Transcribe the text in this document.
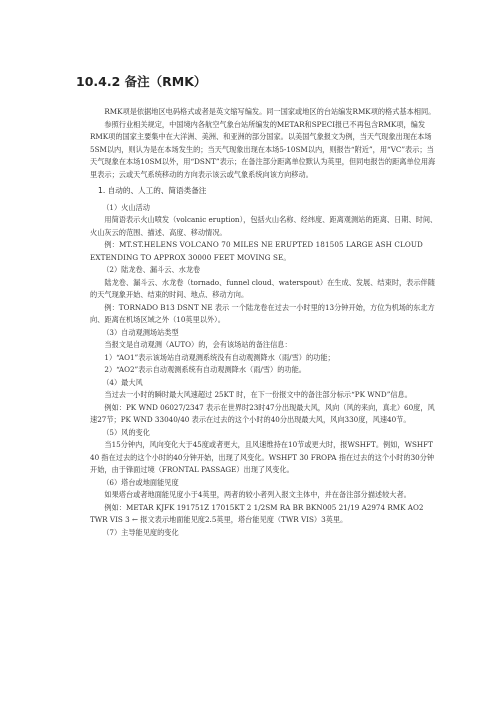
10.4.2 备注（RMK）

RMK项是依据地区电码格式或者是英文缩写编发。同一国家或地区的台站编发RMK项的格式基本相同。

参照行业相关规定，中国境内各航空气象台站所编发的METAR和SPECI报已不再包含RMK项，编发RMK项的国家主要集中在大洋洲、美洲、和亚洲的部分国家。以美国气象报文为例，当天气现象出现在本场5SM以内，则认为是在本场发生的；当天气现象出现在本场5-10SM以内，则报告“附近”，用“VC”表示；当天气现象在本场10SM以外，用“DSNT”表示；在备注部分距离单位默认为英里，但同电报告的距离单位用海里表示；云或天气系统移动的方向表示该云或气象系统向该方向移动。

1. 自动的、人工的、简语类备注

（1）火山活动

用简语表示火山喷发（volcanic eruption），包括火山名称、经纬度、距离观测站的距离、日期、时间、火山灰云的范围、描述、高度、移动情况。

例：MT.ST.HELENS VOLCANO 70 MILES NE ERUPTED 181505 LARGE ASH CLOUD EXTENDING TO APPROX 30000 FEET MOVING SE。

（2）陆龙卷、漏斗云、水龙卷

陆龙卷、漏斗云、水龙卷（tornado、funnel cloud、waterspout）在生成、发展、结束时，表示伴随的天气现象开始、结束的时间、地点、移动方向。

例：TORNADO B13 DSNT NE 表示 一个陆龙卷在过去一小时里的13分钟开始，方位为机场的东北方向、距离在机场区域之外（10英里以外）。

（3）自动观测场站类型

当报文是自动观测（AUTO）的，会有该场站的备注信息：

1）“AO1”表示该场站自动观测系统没有自动观测降水（雨/雪）的功能；

2）“AO2”表示自动观测系统有自动观测降水（雨/雪）的功能。

（4）最大风

当过去一小时的瞬时最大风速超过 25KT 时，在下一份报文中的备注部分标示“PK WND”信息。

例如：PK WND 06027/2347 表示在世界时23时47分出现最大风，风向（风的来向，真北）60度，风速27节；PK WND 33040/40 表示在过去的这个小时的40分出现最大风，风向330度，风速40节。

（5）风的变化

当15分钟内，风向变化大于45度或者更大，且风速维持在10节或更大时，报WSHFT。例如，WSHFT 40 指在过去的这个小时的40分钟开始，出现了风变化。WSHFT 30 FROPA 指在过去的这个小时的30分钟开始，由于锋面过境（FRONTAL PASSAGE）出现了风变化。

（6）塔台或地面能见度

如果塔台或者地面能见度小于4英里，两者的较小者列入报文主体中，并在备注部分描述较大者。

例如：METAR KJFK 191751Z 17015KT 2 1/2SM RA BR BKN005 21/19 A2974 RMK AO2 TWR VIS 3 ← 报文表示地面能见度2.5英里，塔台能见度（TWR VIS）3英里。

（7）主导能见度的变化
